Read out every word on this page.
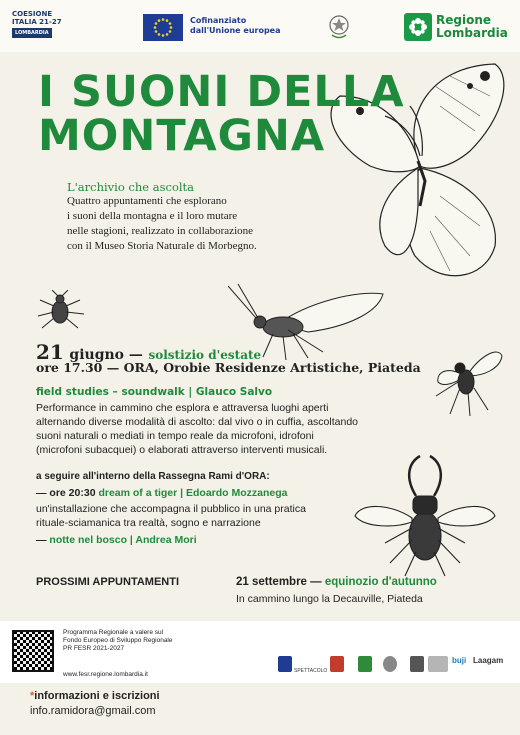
COESIONE
ITALIA 21-27
LOMBARDIA
Cofinanziato
dall'Unione europea
Regione
Lombardia
I SUONI DELLA
MONTAGNA
L'archivio che ascolta
Quattro appuntamenti che esplorano
i suoni della montagna e il loro mutare
nelle stagioni, realizzato in collaborazione
con il Museo Storia Naturale di Morbegno.
21 giugno — solstizio d'estate
ore 17.30 — ORA, Orobie Residenze Artistiche, Piateda
field studies – soundwalk | Glauco Salvo
Performance in cammino che esplora e attraversa luoghi aperti
alternando diverse modalità di ascolto: dal vivo o in cuffia, ascoltando
suoni naturali o mediati in tempo reale da microfoni, idrofoni
(microfoni subacquei) o elaborati attraverso interventi musicali.
a seguire all'interno della Rassegna Rami d'ORA:
— ore 20:30 dream of a tiger | Edoardo Mozzanega
un'installazione che accompagna il pubblico in una pratica
rituale-sciamanica tra realtà, sogno e narrazione
— notte nel bosco | Andrea Mori
PROSSIMI APPUNTAMENTI	21 settembre — equinozio d'autunno
In cammino lungo la Decauville, Piateda
Programma Regionale a valere sul
Fondo Europeo di Sviluppo Regionale
PR FESR 2021-2027
www.fesr.regione.lombardia.it	SPETTACOLO
buji Laagam
*informazioni e iscrizioni
info.ramidora@gmail.com
